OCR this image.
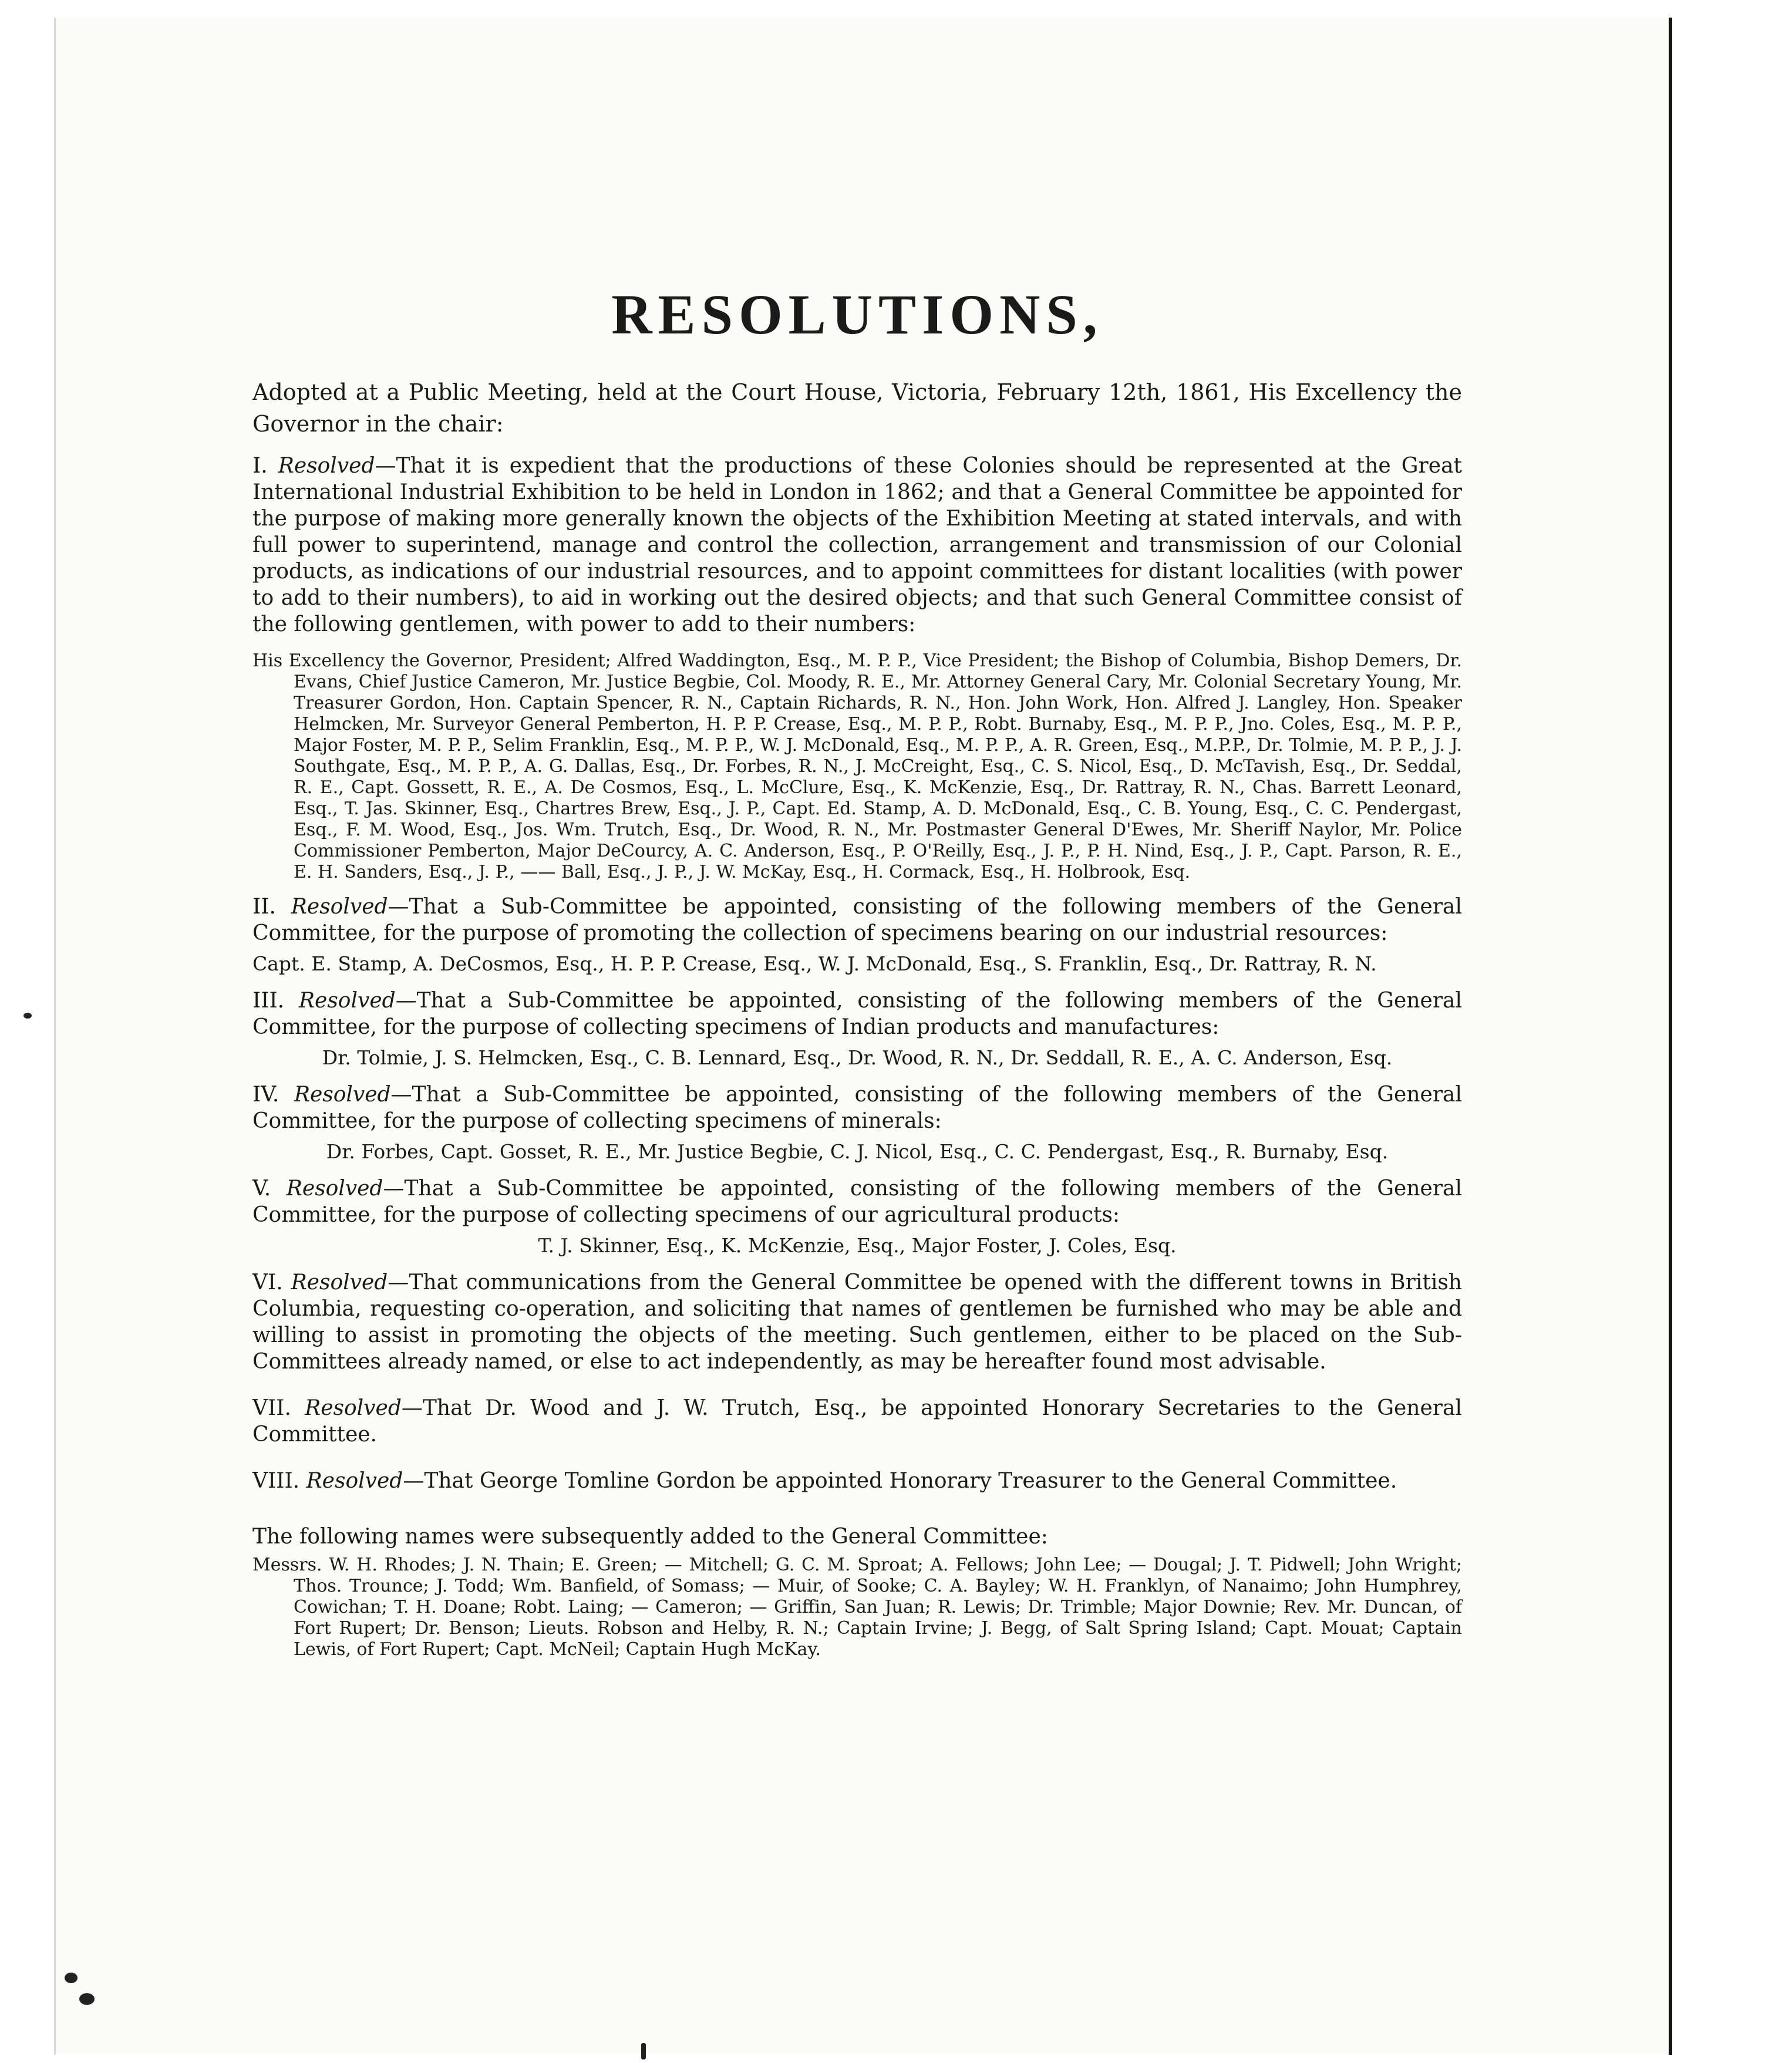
RESOLUTIONS,
Adopted at a Public Meeting, held at the Court House, Victoria, February 12th, 1861, His Excellency the Governor in the chair:
I. Resolved—That it is expedient that the productions of these Colonies should be represented at the Great International Industrial Exhibition to be held in London in 1862; and that a General Committee be appointed for the purpose of making more generally known the objects of the Exhibition Meeting at stated intervals, and with full power to superintend, manage and control the collection, arrangement and transmission of our Colonial products, as indications of our industrial resources, and to appoint committees for distant localities (with power to add to their numbers), to aid in working out the desired objects; and that such General Committee consist of the following gentlemen, with power to add to their numbers:
His Excellency the Governor, President; Alfred Waddington, Esq., M. P. P., Vice President; the Bishop of Columbia, Bishop Demers, Dr. Evans, Chief Justice Cameron, Mr. Justice Begbie, Col. Moody, R. E., Mr. Attorney General Cary, Mr. Colonial Secretary Young, Mr. Treasurer Gordon, Hon. Captain Spencer, R. N., Captain Richards, R. N., Hon. John Work, Hon. Alfred J. Langley, Hon. Speaker Helmcken, Mr. Surveyor General Pemberton, H. P. P. Crease, Esq., M. P. P., Robt. Burnaby, Esq., M. P. P., Jno. Coles, Esq., M. P. P., Major Foster, M. P. P., Selim Franklin, Esq., M. P. P., W. J. McDonald, Esq., M. P. P., A. R. Green, Esq., M.P.P., Dr. Tolmie, M. P. P., J. J. Southgate, Esq., M. P. P., A. G. Dallas, Esq., Dr. Forbes, R. N., J. McCreight, Esq., C. S. Nicol, Esq., D. McTavish, Esq., Dr. Seddal, R. E., Capt. Gossett, R. E., A. De Cosmos, Esq., L. McClure, Esq., K. McKenzie, Esq., Dr. Rattray, R. N., Chas. Barrett Leonard, Esq., T. Jas. Skinner, Esq., Chartres Brew, Esq., J. P., Capt. Ed. Stamp, A. D. McDonald, Esq., C. B. Young, Esq., C. C. Pendergast, Esq., F. M. Wood, Esq., Jos. Wm. Trutch, Esq., Dr. Wood, R. N., Mr. Postmaster General D'Ewes, Mr. Sheriff Naylor, Mr. Police Commissioner Pemberton, Major DeCourcy, A. C. Anderson, Esq., P. O'Reilly, Esq., J. P., P. H. Nind, Esq., J. P., Capt. Parson, R. E., E. H. Sanders, Esq., J. P., —— Ball, Esq., J. P., J. W. McKay, Esq., H. Cormack, Esq., H. Holbrook, Esq.
II. Resolved—That a Sub-Committee be appointed, consisting of the following members of the General Committee, for the purpose of promoting the collection of specimens bearing on our industrial resources:
Capt. E. Stamp, A. DeCosmos, Esq., H. P. P. Crease, Esq., W. J. McDonald, Esq., S. Franklin, Esq., Dr. Rattray, R. N.
III. Resolved—That a Sub-Committee be appointed, consisting of the following members of the General Committee, for the purpose of collecting specimens of Indian products and manufactures:
Dr. Tolmie, J. S. Helmcken, Esq., C. B. Lennard, Esq., Dr. Wood, R. N., Dr. Seddall, R. E., A. C. Anderson, Esq.
IV. Resolved—That a Sub-Committee be appointed, consisting of the following members of the General Committee, for the purpose of collecting specimens of minerals:
Dr. Forbes, Capt. Gosset, R. E., Mr. Justice Begbie, C. J. Nicol, Esq., C. C. Pendergast, Esq., R. Burnaby, Esq.
V. Resolved—That a Sub-Committee be appointed, consisting of the following members of the General Committee, for the purpose of collecting specimens of our agricultural products:
T. J. Skinner, Esq., K. McKenzie, Esq., Major Foster, J. Coles, Esq.
VI. Resolved—That communications from the General Committee be opened with the different towns in British Columbia, requesting co-operation, and soliciting that names of gentlemen be furnished who may be able and willing to assist in promoting the objects of the meeting. Such gentlemen, either to be placed on the Sub-Committees already named, or else to act independently, as may be hereafter found most advisable.
VII. Resolved—That Dr. Wood and J. W. Trutch, Esq., be appointed Honorary Secretaries to the General Committee.
VIII. Resolved—That George Tomline Gordon be appointed Honorary Treasurer to the General Committee.
The following names were subsequently added to the General Committee:
Messrs. W. H. Rhodes; J. N. Thain; E. Green; — Mitchell; G. C. M. Sproat; A. Fellows; John Lee; — Dougal; J. T. Pidwell; John Wright; Thos. Trounce; J. Todd; Wm. Banfield, of Somass; — Muir, of Sooke; C. A. Bayley; W. H. Franklyn, of Nanaimo; John Humphrey, Cowichan; T. H. Doane; Robt. Laing; — Cameron; — Griffin, San Juan; R. Lewis; Dr. Trimble; Major Downie; Rev. Mr. Duncan, of Fort Rupert; Dr. Benson; Lieuts. Robson and Helby, R. N.; Captain Irvine; J. Begg, of Salt Spring Island; Capt. Mouat; Captain Lewis, of Fort Rupert; Capt. McNeil; Captain Hugh McKay.
